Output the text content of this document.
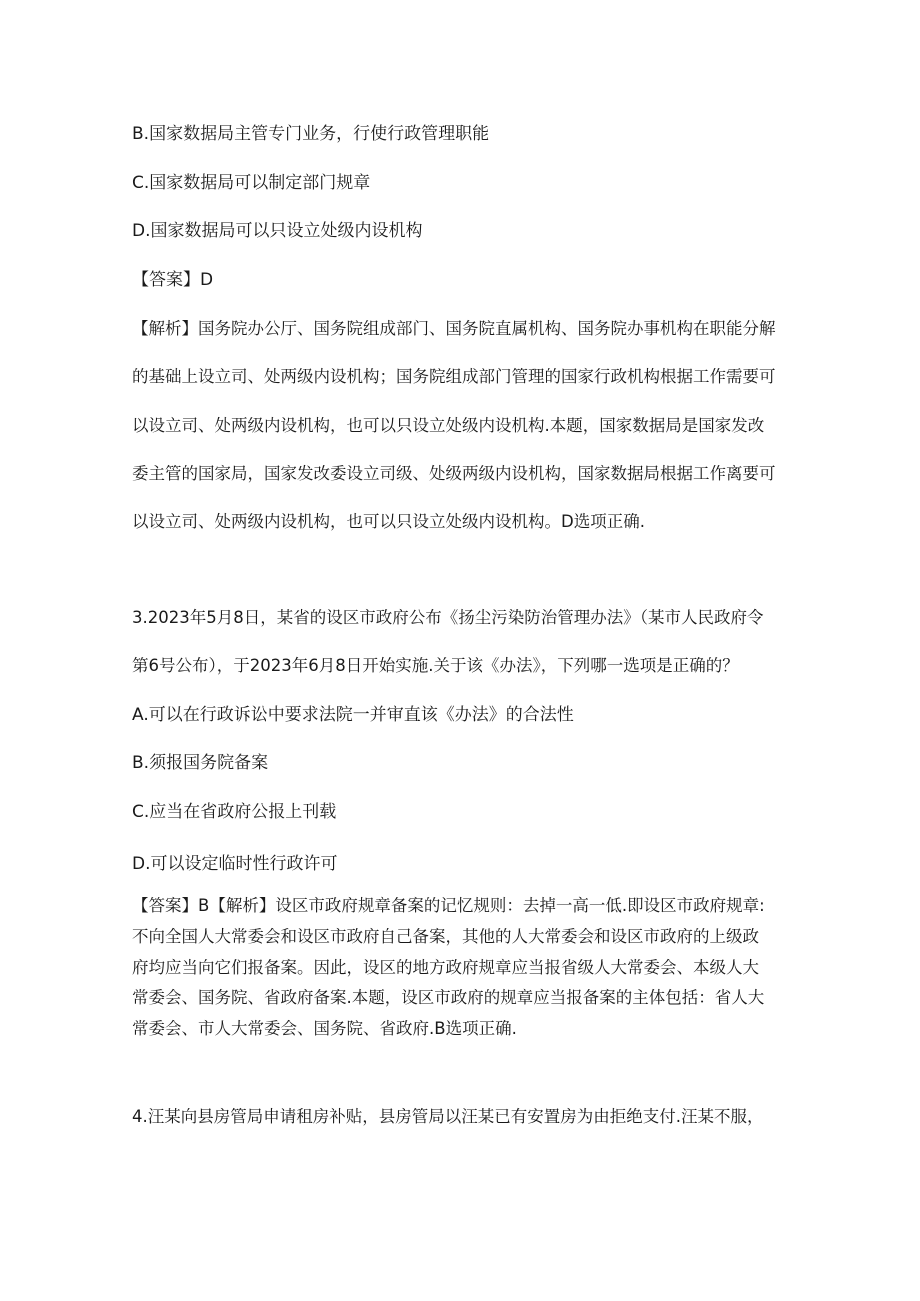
B.国家数据局主管专门业务，行使行政管理职能
C.国家数据局可以制定部门规章
D.国家数据局可以只设立处级内设机构
【答案】D
【解析】国务院办公厅、国务院组成部门、国务院直属机构、国务院办事机构在职能分解
的基础上设立司、处两级内设机构；国务院组成部门管理的国家行政机构根据工作需要可
以设立司、处两级内设机构，也可以只设立处级内设机构.本题，国家数据局是国家发改
委主管的国家局，国家发改委设立司级、处级两级内设机构，国家数据局根据工作离要可
以设立司、处两级内设机构，也可以只设立处级内设机构。D选项正确.
3.2023年5月8日，某省的设区市政府公布《扬尘污染防治管理办法》（某市人民政府令
第6号公布），于2023年6月8日开始实施.关于该《办法》，下列哪一选项是正确的？
A.可以在行政诉讼中要求法院一并审直该《办法》的合法性
B.须报国务院备案
C.应当在省政府公报上刊载
D.可以设定临时性行政许可
【答案】B【解析】设区市政府规章备案的记忆规则：去掉一高一低.即设区市政府规章:
不向全国人大常委会和设区市政府自己备案，其他的人大常委会和设区市政府的上级政
府均应当向它们报备案。因此，设区的地方政府规章应当报省级人大常委会、本级人大
常委会、国务院、省政府备案.本题，设区市政府的规章应当报备案的主体包括：省人大
常委会、市人大常委会、国务院、省政府.B选项正确.
4.汪某向县房管局申请租房补贴，县房管局以汪某已有安置房为由拒绝支付.汪某不服，
